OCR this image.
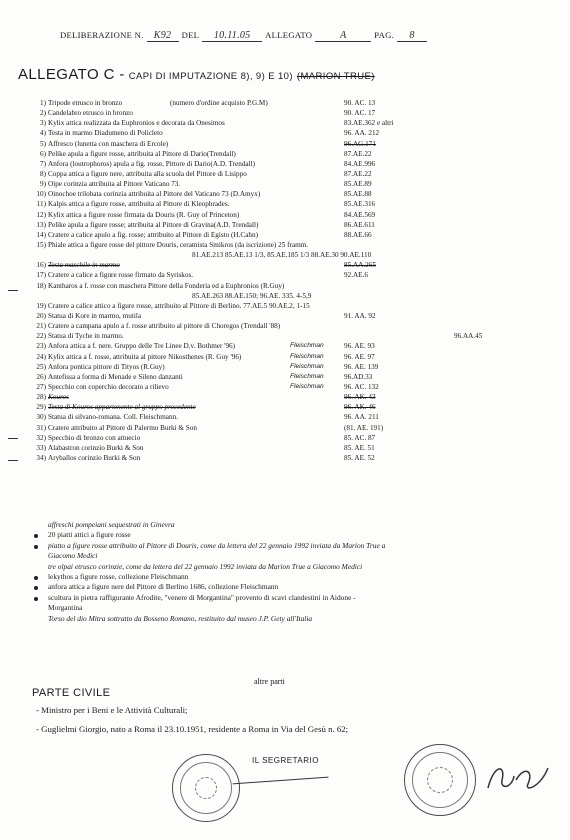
DELIBERAZIONE N.	K92	DEL	10.11.05	ALLEGATO	A	PAG.	8
ALLEGATO C - CAPI DI IMPUTAZIONE 8), 9) E 10) (MARION TRUE)
1) Tripode etrusco in bronzo	(numero d'ordine acquisto P.G.M)	90. AC. 13
2) Candelabro etrusco in bronzo	90. AC. 17
3) Kylix attica realizzata da Euphronios e decorata da Onesimos	83.AE.362 e altri
4) Testa in marmo Diadumeno di Policleto	96. AA. 212
5) Affresco (lunetta con maschera di Ercole)	96.AG.171
6) Pelike apula a figure rosse, attribuita al Pittore di Dario(Trendall)	87.AE.22
7) Anfora (loutrophoros) apula a fig. rosse, Pittore di Dario(A.D. Trendall)	84.AE.996
8) Coppa attica a figure nere, attribuita alla scuola del Pittore di Lisippo	87.AE.22
9) Oipe corinzia attribuita al Pittore Vaticano 73.	85.AE.89
10) Oinochoe trilobata corinzia attribuita al Pittore del Vaticano 73 (D.Amyx)	85.AE.88
11) Kalpis attica a figure rosse, attribuita al Pittore di Kleophrades.	85.AE.316
12) Kylix attica a figure rosse firmata da Douris (R. Guy of Princeton)	84.AE.569
13) Pelike apula a figure rosse; attribuita al Pittore di Gravina(A.D. Trendall)	86.AE.611
14) Cratere a calice apulo a fig. rosse; attribuito al Pittore di Egisto (H.Cahn)	88.AE.66
15) Phiale attica a figure rosse del pittore Douris, ceramista Smikros (da iscrizione) 25 framm.
81.AE.213 85.AE.13 1/3, 85.AE.185 1/3 88.AE.30 90.AE.110
16) Testa maschile in marmo	85.AA.265
17) Cratere a calice a figure rosse firmato da Syriskos.	92.AE.6
18) Kantharos a f. rosse con maschera Pittore della Fonderia ed a Euphronios (R.Guy)
85.AE.263 88.AE.150; 96.AE. 335. 4-5,9
19) Cratere a calice attico a figure rosse, attribuito al Pittore di Berlino. 77.AE.5 90.AE.2, 1-15
20) Statua di Kore in marmo, mutila	91. AA. 92
21) Cratere a campana apulo a f. rosse attribuito al pittore di Choregos (Trendall '88)
22) Statua di Tyche in marmo.	96.AA.45
23) Anfora attica a f. nere. Gruppo delle Tre Linee D.v. Bothmer '96)	Fleischman	96. AE. 93
24) Kylix attica a f. rosse, attribuita al pittore Nikosthenes (R. Guy '96)	Fleischman	96. AE. 97
25) Anfora pontica pittore di Tityos (R.Guy)	Fleischman	96. AE. 139
26) Antefissa a forma di Menade e Sileno danzanti	Fleischman	96.AD.33
27) Specchio con coperchio decorato a rilievo	Fleischman	96. AC. 132
28) Kouros	96. AK. 43
29) Testa di Kouros appartenente al gruppo precedente	96. AK. 46
30) Statua di silvano-romana. Coll. Fleischmann.	96. AA. 211
31) Cratere attribuito al Pittore di Palermo Burki & Son	(81. AE. 191)
32) Specchio di bronzo con attuecio	85. AC. 87
33) Alabastron corinzio Burki & Son	85. AE. 51
34) Aryballos corinzio Burki & Son	85. AE. 52
affreschi pompeiani sequestrati in Ginevra
20 piatti attici a figure rosse
piatto a figure rosse attribuito al Pittore di Douris, come da lettera del 22 gennaio 1992 inviata da Marion True a
Giacomo Medici
tre olpai etrusco corinzie, come da lettera del 22 gennaio 1992 inviata da Marion True a Giacomo Medici
lekythos a figure rosse, collezione Fleischmann
anfora attica a figure nere del Pittore di Berlino 1686, collezione Fleischmann
scultura in pietra raffigurante Afrodite, "venere di Morgantina" provento di scavi clandestini in Aidone -
Morgantina
Torso del dio Mitra sottratto da Bosseno Romano, restituito dal museo J.P. Gety all'Italia
altre parti
PARTE CIVILE
- Ministro per i Beni e le Attività Culturali;
- Guglielmi Giorgio, nato a Roma il 23.10.1951, residente a Roma in Via del Gesù n. 62;
IL SEGRETARIO
